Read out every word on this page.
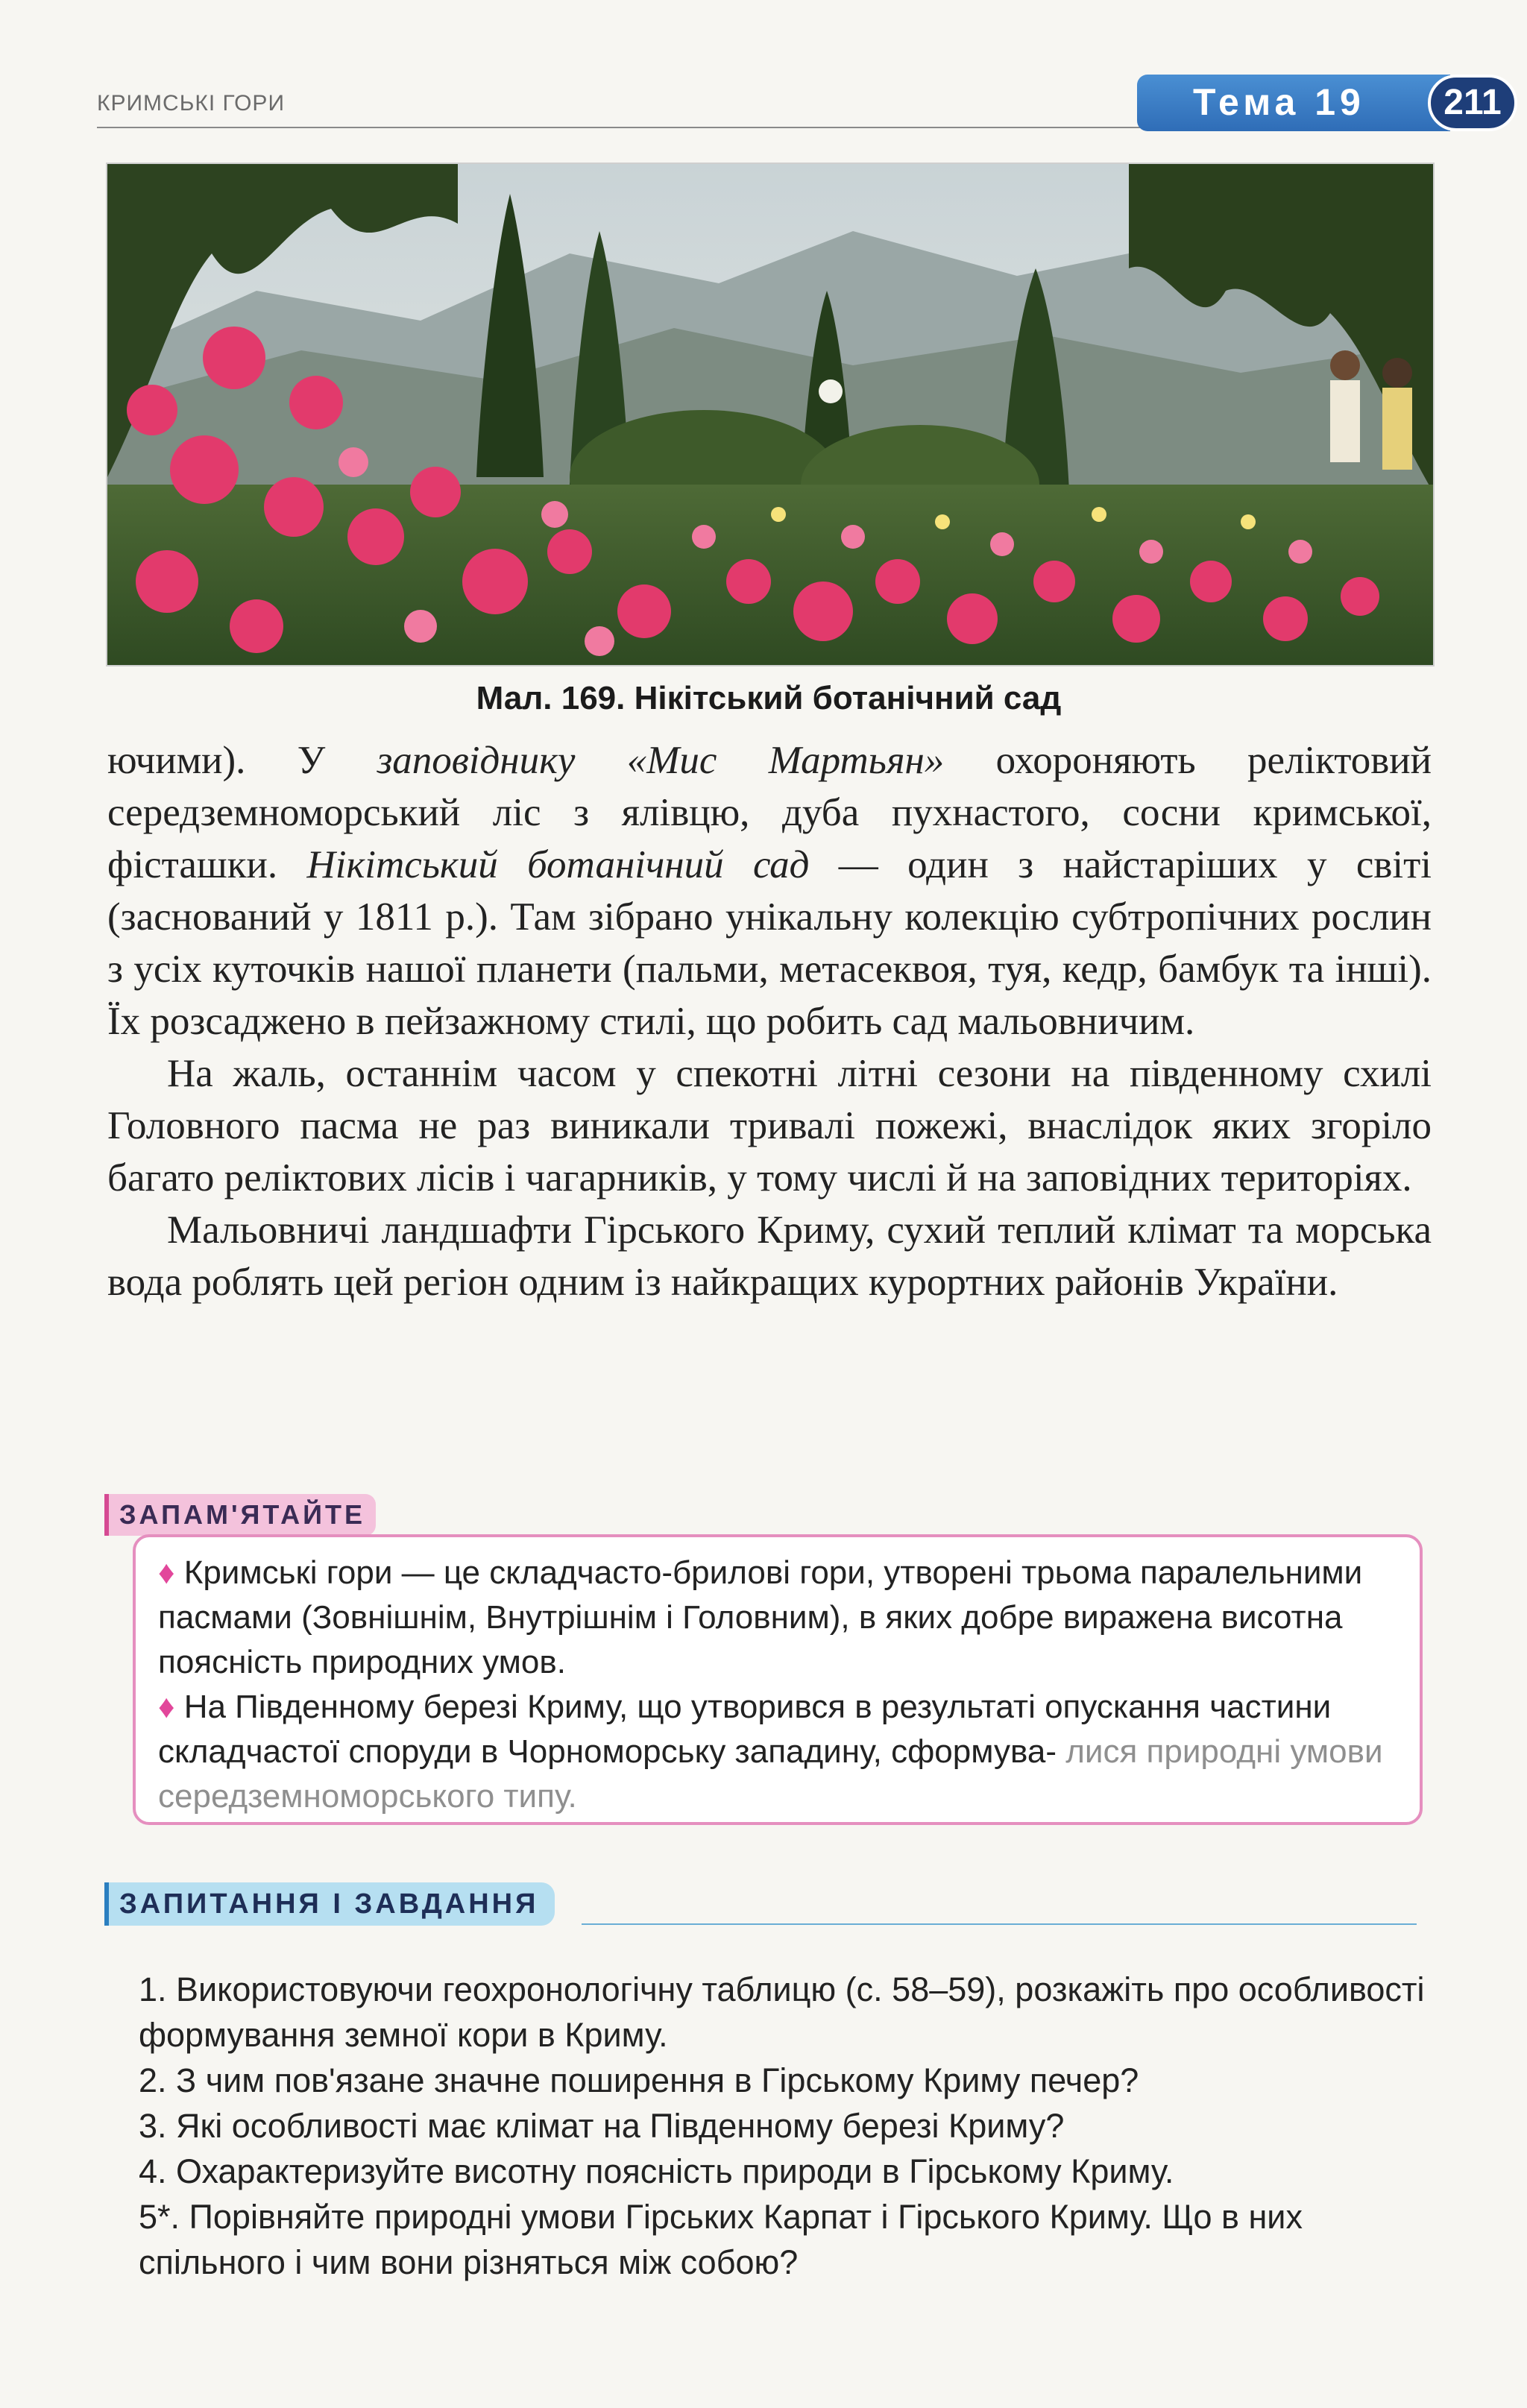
КРИМСЬКІ ГОРИ	Тема 19	211
Мал. 169. Нікітський ботанічний сад

ючими). У заповіднику «Мис Мартьян» охороняють реліктовий середземноморський ліс з ялівцю, дуба пухнастого, сосни кримської, фісташки. Нікітський ботанічний сад — один з найстаріших у світі (заснований у 1811 р.). Там зібрано унікальну колекцію субтропічних рослин з усіх куточків нашої планети (пальми, метасеквоя, туя, кедр, бамбук та інші). Їх розсаджено в пейзажному стилі, що робить сад мальовничим.

На жаль, останнім часом у спекотні літні сезони на південному схилі Головного пасма не раз виникали тривалі пожежі, внаслідок яких згоріло багато реліктових лісів і чагарників, у тому числі й на заповідних територіях.

Мальовничі ландшафти Гірського Криму, сухий теплий клімат та морська вода роблять цей регіон одним із найкращих курортних районів України.

ЗАПАМ'ЯТАЙТЕ

♦ Кримські гори — це складчасто-брилові гори, утворені трьома паралельними пасмами (Зовнішнім, Внутрішнім і Головним), в яких добре виражена висотна поясність природних умов.

♦ На Південному березі Криму, що утворився в результаті опускання частини складчастої споруди в Чорноморську западину, сформува- лися природні умови середземноморського типу.

ЗАПИТАННЯ І ЗАВДАННЯ

1. Використовуючи геохронологічну таблицю (с. 58–59), розкажіть про особливості формування земної кори в Криму.

2. З чим пов'язане значне поширення в Гірському Криму печер?

3. Які особливості має клімат на Південному березі Криму?

4. Охарактеризуйте висотну поясність природи в Гірському Криму.

5*. Порівняйте природні умови Гірських Карпат і Гірського Криму. Що в них спільного і чим вони різняться між собою?
